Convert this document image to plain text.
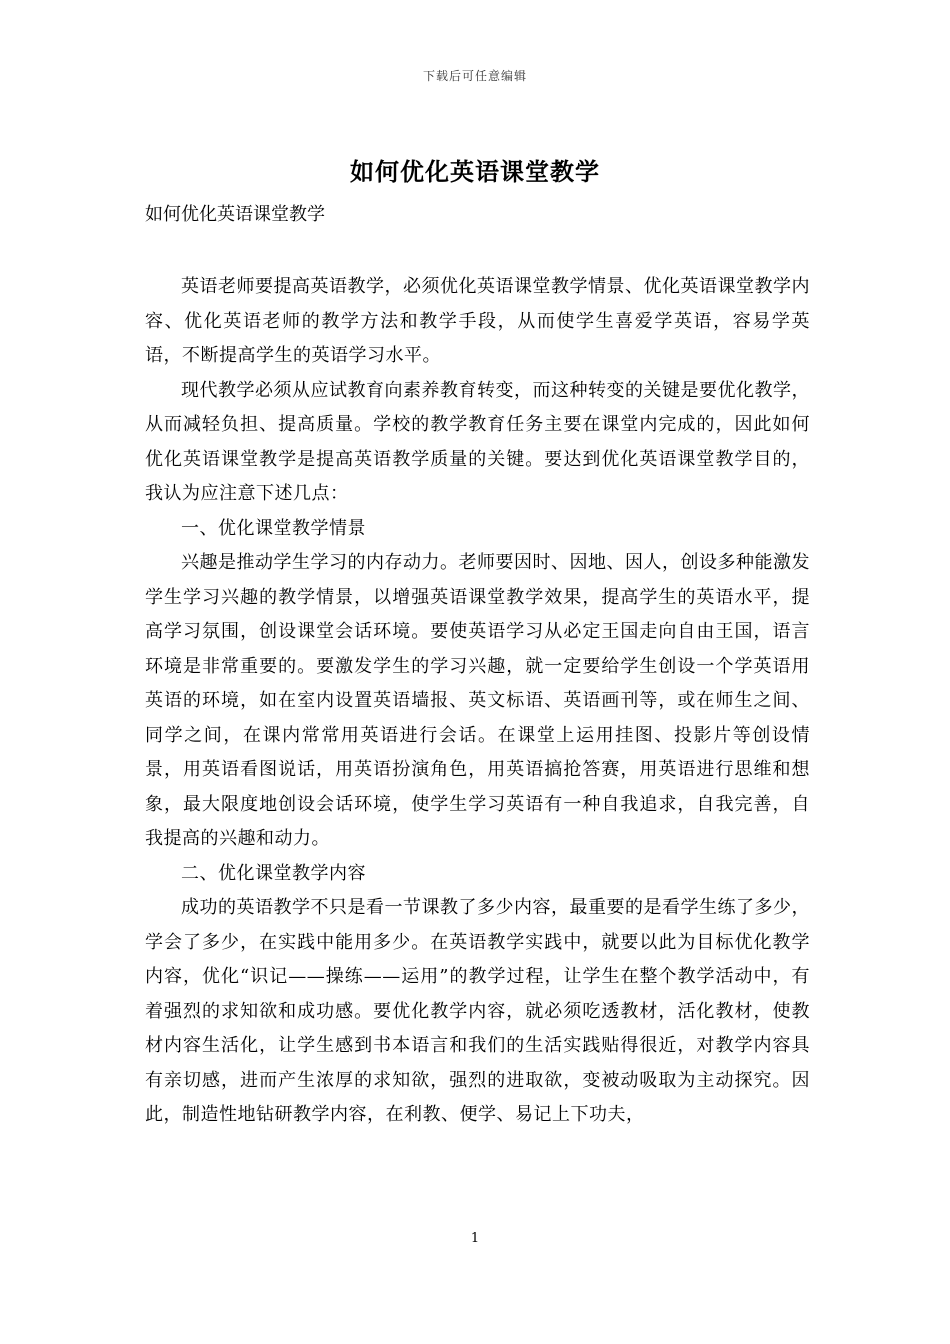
下载后可任意编辑
如何优化英语课堂教学
如何优化英语课堂教学

英语老师要提高英语教学，必须优化英语课堂教学情景、优化英语课堂教学内容、优化英语老师的教学方法和教学手段，从而使学生喜爱学英语，容易学英语，不断提高学生的英语学习水平。

现代教学必须从应试教育向素养教育转变，而这种转变的关键是要优化教学，从而减轻负担、提高质量。学校的教学教育任务主要在课堂内完成的，因此如何优化英语课堂教学是提高英语教学质量的关键。要达到优化英语课堂教学目的，我认为应注意下述几点：

一、优化课堂教学情景

兴趣是推动学生学习的内存动力。老师要因时、因地、因人，创设多种能激发学生学习兴趣的教学情景，以增强英语课堂教学效果，提高学生的英语水平，提高学习氛围，创设课堂会话环境。要使英语学习从必定王国走向自由王国，语言环境是非常重要的。要激发学生的学习兴趣，就一定要给学生创设一个学英语用英语的环境，如在室内设置英语墙报、英文标语、英语画刊等，或在师生之间、同学之间，在课内常常用英语进行会话。在课堂上运用挂图、投影片等创设情景，用英语看图说话，用英语扮演角色，用英语搞抢答赛，用英语进行思维和想象，最大限度地创设会话环境，使学生学习英语有一种自我追求，自我完善，自我提高的兴趣和动力。

二、优化课堂教学内容

成功的英语教学不只是看一节课教了多少内容，最重要的是看学生练了多少，学会了多少，在实践中能用多少。在英语教学实践中，就要以此为目标优化教学内容，优化“识记——操练——运用”的教学过程，让学生在整个教学活动中，有着强烈的求知欲和成功感。要优化教学内容，就必须吃透教材，活化教材，使教材内容生活化，让学生感到书本语言和我们的生活实践贴得很近，对教学内容具有亲切感，进而产生浓厚的求知欲，强烈的进取欲，变被动吸取为主动探究。因此，制造性地钻研教学内容，在利教、便学、易记上下功夫，

1
